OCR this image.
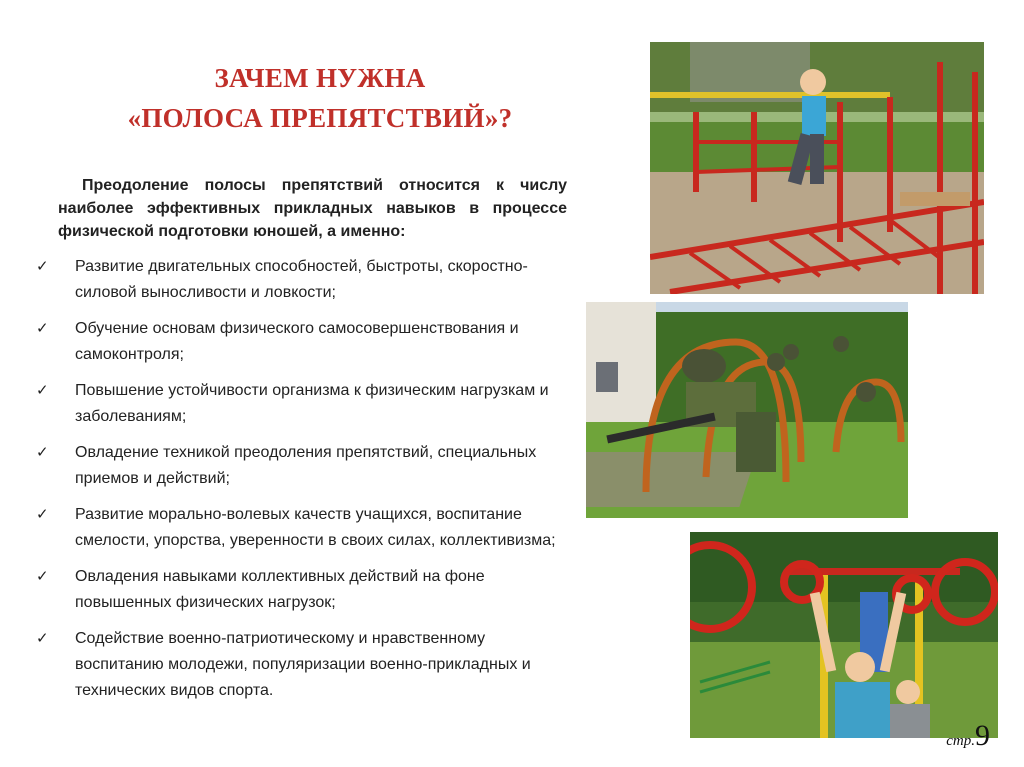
ЗАЧЕМ НУЖНА
«ПОЛОСА ПРЕПЯТСТВИЙ»?
Преодоление полосы препятствий относится к числу наиболее эффективных прикладных навыков в процессе физической подготовки юношей, а именно:
✓ Развитие двигательных способностей, быстроты, скоростно-силовой выносливости и ловкости;
✓ Обучение основам физического самосовершенствования и самоконтроля;
✓ Повышение устойчивости организма к физическим нагрузкам и заболеваниям;
✓ Овладение техникой преодоления препятствий, специальных приемов и действий;
✓ Развитие морально-волевых качеств учащихся, воспитание смелости, упорства, уверенности в своих силах, коллективизма;
✓ Овладения навыками коллективных действий на фоне повышенных физических нагрузок;
✓ Содействие военно-патриотическому и нравственному воспитанию молодежи, популяризации военно-прикладных и технических видов спорта.
стр.9
